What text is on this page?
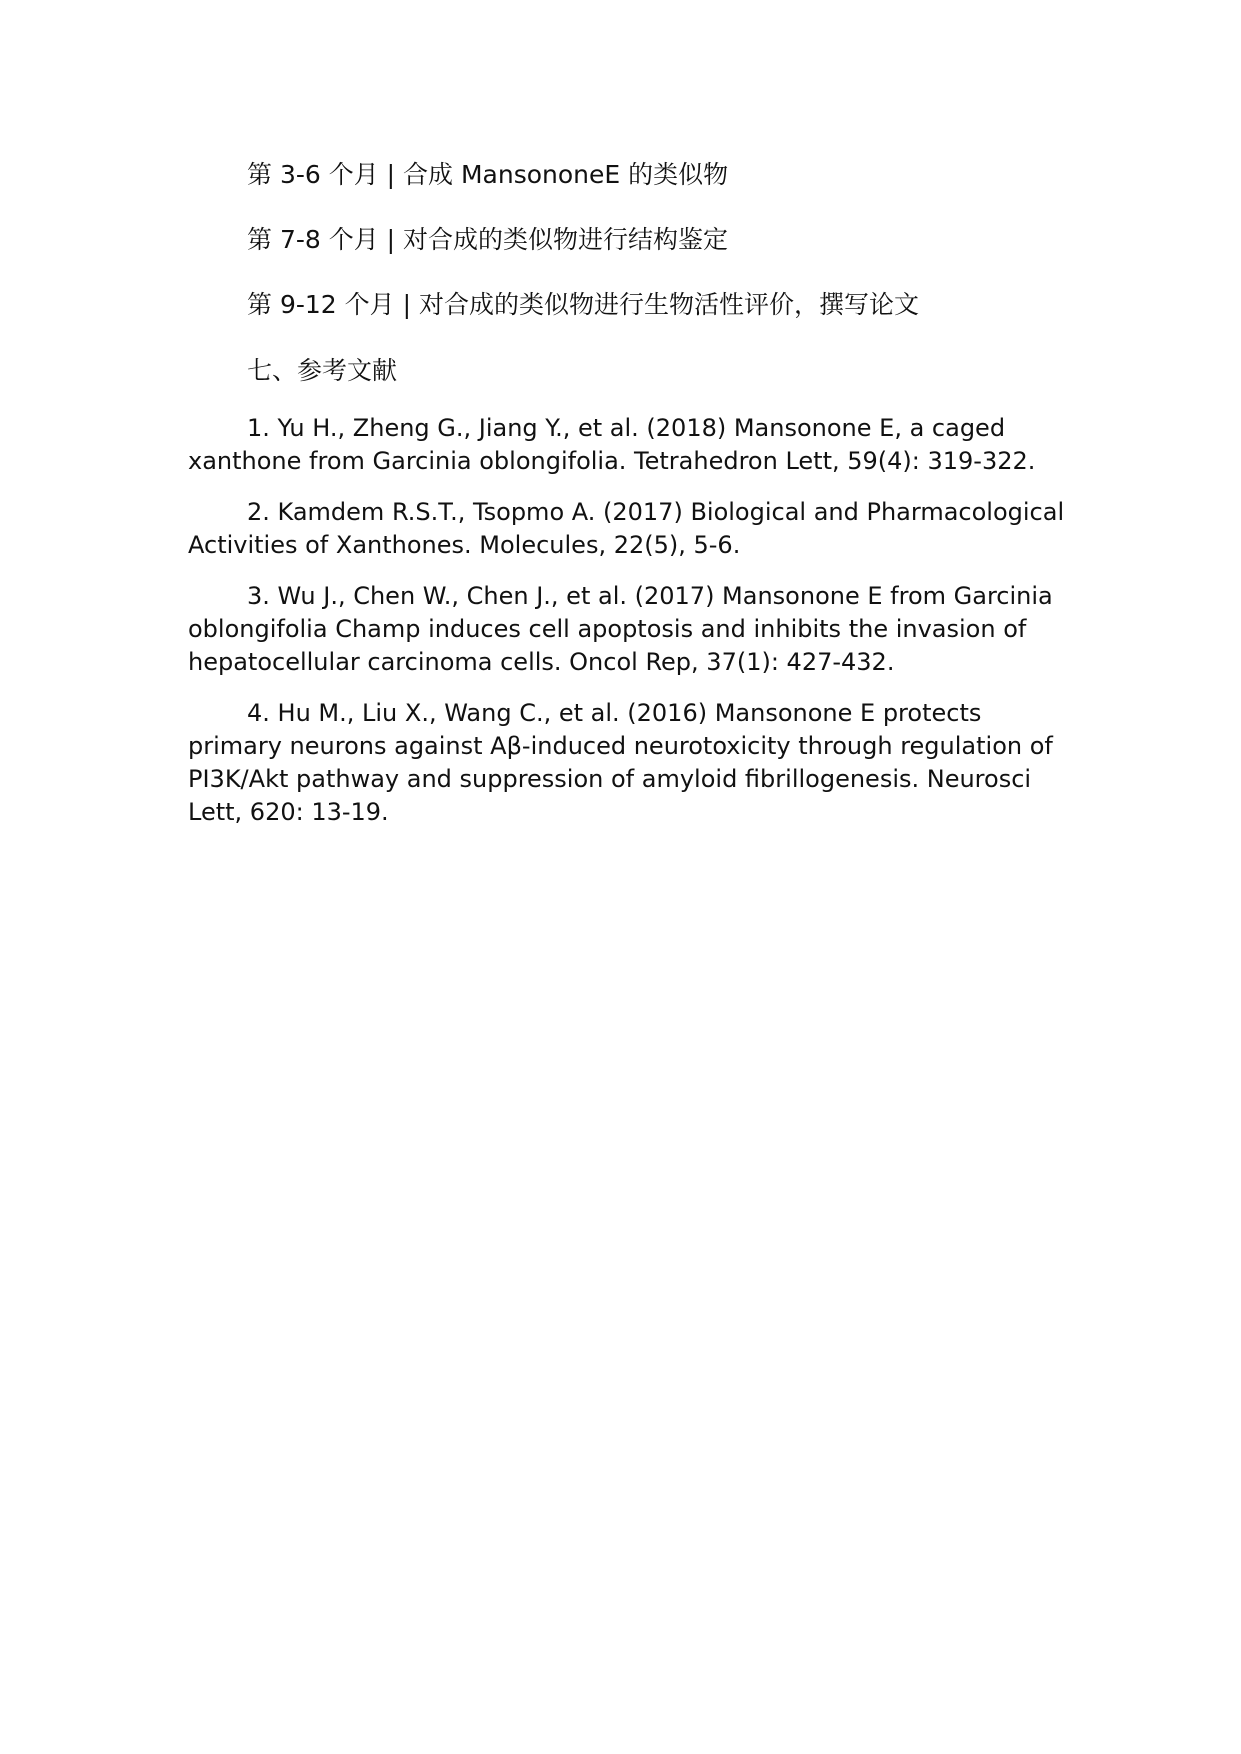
第 3-6 个月 | 合成 MansononeE 的类似物
第 7-8 个月 | 对合成的类似物进行结构鉴定
第 9-12 个月 | 对合成的类似物进行生物活性评价，撰写论文
七、参考文献

1. Yu H., Zheng G., Jiang Y., et al. (2018) Mansonone E, a caged xanthone from Garcinia oblongifolia. Tetrahedron Lett, 59(4): 319-322.

2. Kamdem R.S.T., Tsopmo A. (2017) Biological and Pharmacological Activities of Xanthones. Molecules, 22(5), 5-6.

3. Wu J., Chen W., Chen J., et al. (2017) Mansonone E from Garcinia oblongifolia Champ induces cell apoptosis and inhibits the invasion of hepatocellular carcinoma cells. Oncol Rep, 37(1): 427-432.

4. Hu M., Liu X., Wang C., et al. (2016) Mansonone E protects primary neurons against Aβ-induced neurotoxicity through regulation of PI3K/Akt pathway and suppression of amyloid fibrillogenesis. Neurosci Lett, 620: 13-19.
